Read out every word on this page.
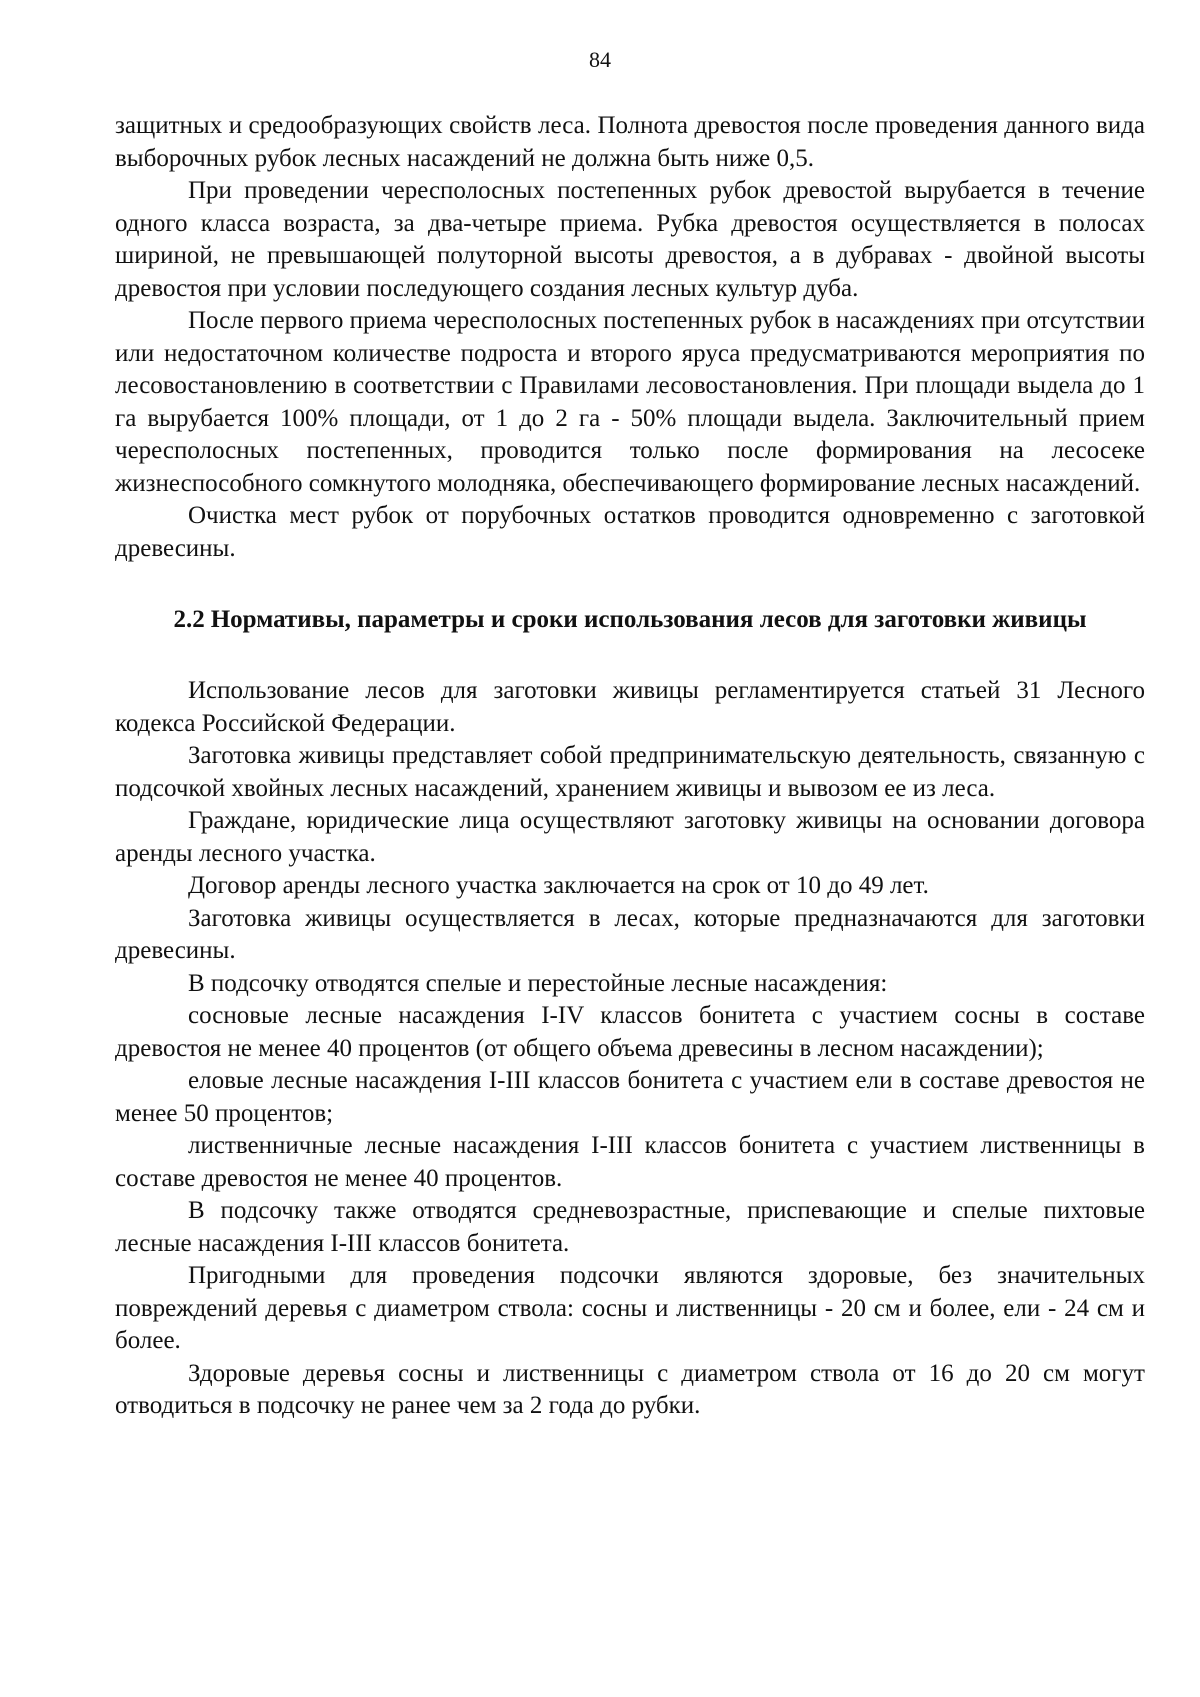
84

защитных и средообразующих свойств леса. Полнота древостоя после проведения данного вида выборочных рубок лесных насаждений не должна быть ниже 0,5.

При проведении чересполосных постепенных рубок древостой вырубается в течение одного класса возраста, за два-четыре приема. Рубка древостоя осуществляется в полосах шириной, не превышающей полуторной высоты древостоя, а в дубравах - двойной высоты древостоя при условии последующего создания лесных культур дуба.

После первого приема чересполосных постепенных рубок в насаждениях при отсутствии или недостаточном количестве подроста и второго яруса предусматриваются мероприятия по лесовостановлению в соответствии с Правилами лесовостановления. При площади выдела до 1 га вырубается 100% площади, от 1 до 2 га - 50% площади выдела. Заключительный прием чересполосных постепенных, проводится только после формирования на лесосеке жизнеспособного сомкнутого молодняка, обеспечивающего формирование лесных насаждений.

Очистка мест рубок от порубочных остатков проводится одновременно с заготовкой древесины.

2.2 Нормативы, параметры и сроки использования лесов для заготовки живицы

Использование лесов для заготовки живицы регламентируется статьей 31 Лесного кодекса Российской Федерации.

Заготовка живицы представляет собой предпринимательскую деятельность, связанную с подсочкой хвойных лесных насаждений, хранением живицы и вывозом ее из леса.

Граждане, юридические лица осуществляют заготовку живицы на основании договора аренды лесного участка.

Договор аренды лесного участка заключается на срок от 10 до 49 лет.

Заготовка живицы осуществляется в лесах, которые предназначаются для заготовки древесины.

В подсочку отводятся спелые и перестойные лесные насаждения:

сосновые лесные насаждения I-IV классов бонитета с участием сосны в составе древостоя не менее 40 процентов (от общего объема древесины в лесном насаждении);

еловые лесные насаждения I-III классов бонитета с участием ели в составе древостоя не менее 50 процентов;

лиственничные лесные насаждения I-III классов бонитета с участием лиственницы в составе древостоя не менее 40 процентов.

В подсочку также отводятся средневозрастные, приспевающие и спелые пихтовые лесные насаждения I-III классов бонитета.

Пригодными для проведения подсочки являются здоровые, без значительных повреждений деревья с диаметром ствола: сосны и лиственницы - 20 см и более, ели - 24 см и более.

Здоровые деревья сосны и лиственницы с диаметром ствола от 16 до 20 см могут отводиться в подсочку не ранее чем за 2 года до рубки.
